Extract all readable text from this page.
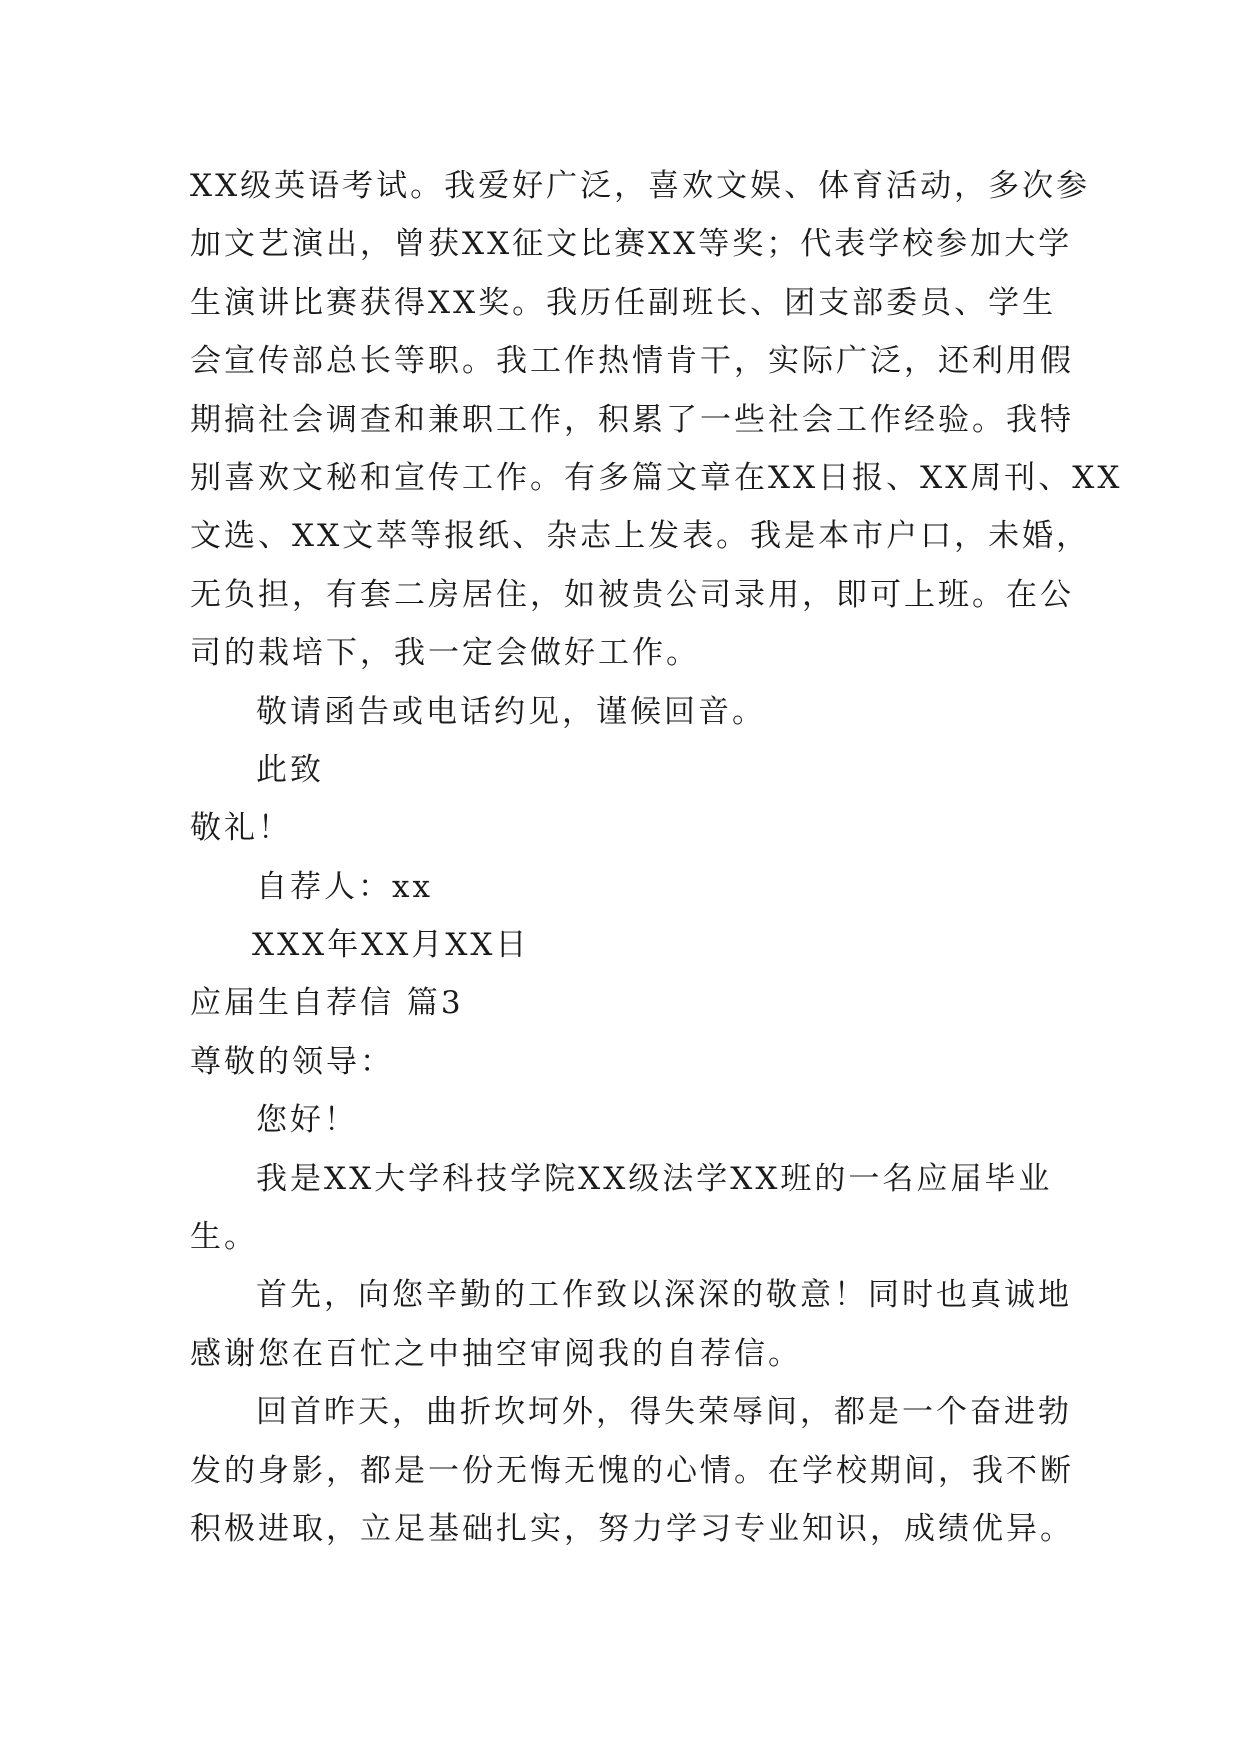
XX级英语考试。我爱好广泛，喜欢文娱、体育活动，多次参
加文艺演出，曾获XX征文比赛XX等奖；代表学校参加大学
生演讲比赛获得XX奖。我历任副班长、团支部委员、学生
会宣传部总长等职。我工作热情肯干，实际广泛，还利用假
期搞社会调查和兼职工作，积累了一些社会工作经验。我特
别喜欢文秘和宣传工作。有多篇文章在XX日报、XX周刊、XX
文选、XX文萃等报纸、杂志上发表。我是本市户口，未婚，
无负担，有套二房居住，如被贵公司录用，即可上班。在公
司的栽培下，我一定会做好工作。
敬请函告或电话约见，谨候回音。
此致
敬礼！
自荐人：xx
XXX年XX月XX日
应届生自荐信 篇3
尊敬的领导：
您好！
我是XX大学科技学院XX级法学XX班的一名应届毕业
生。
首先，向您辛勤的工作致以深深的敬意！同时也真诚地
感谢您在百忙之中抽空审阅我的自荐信。
回首昨天，曲折坎坷外，得失荣辱间，都是一个奋进勃
发的身影，都是一份无悔无愧的心情。在学校期间，我不断
积极进取，立足基础扎实，努力学习专业知识，成绩优异。
